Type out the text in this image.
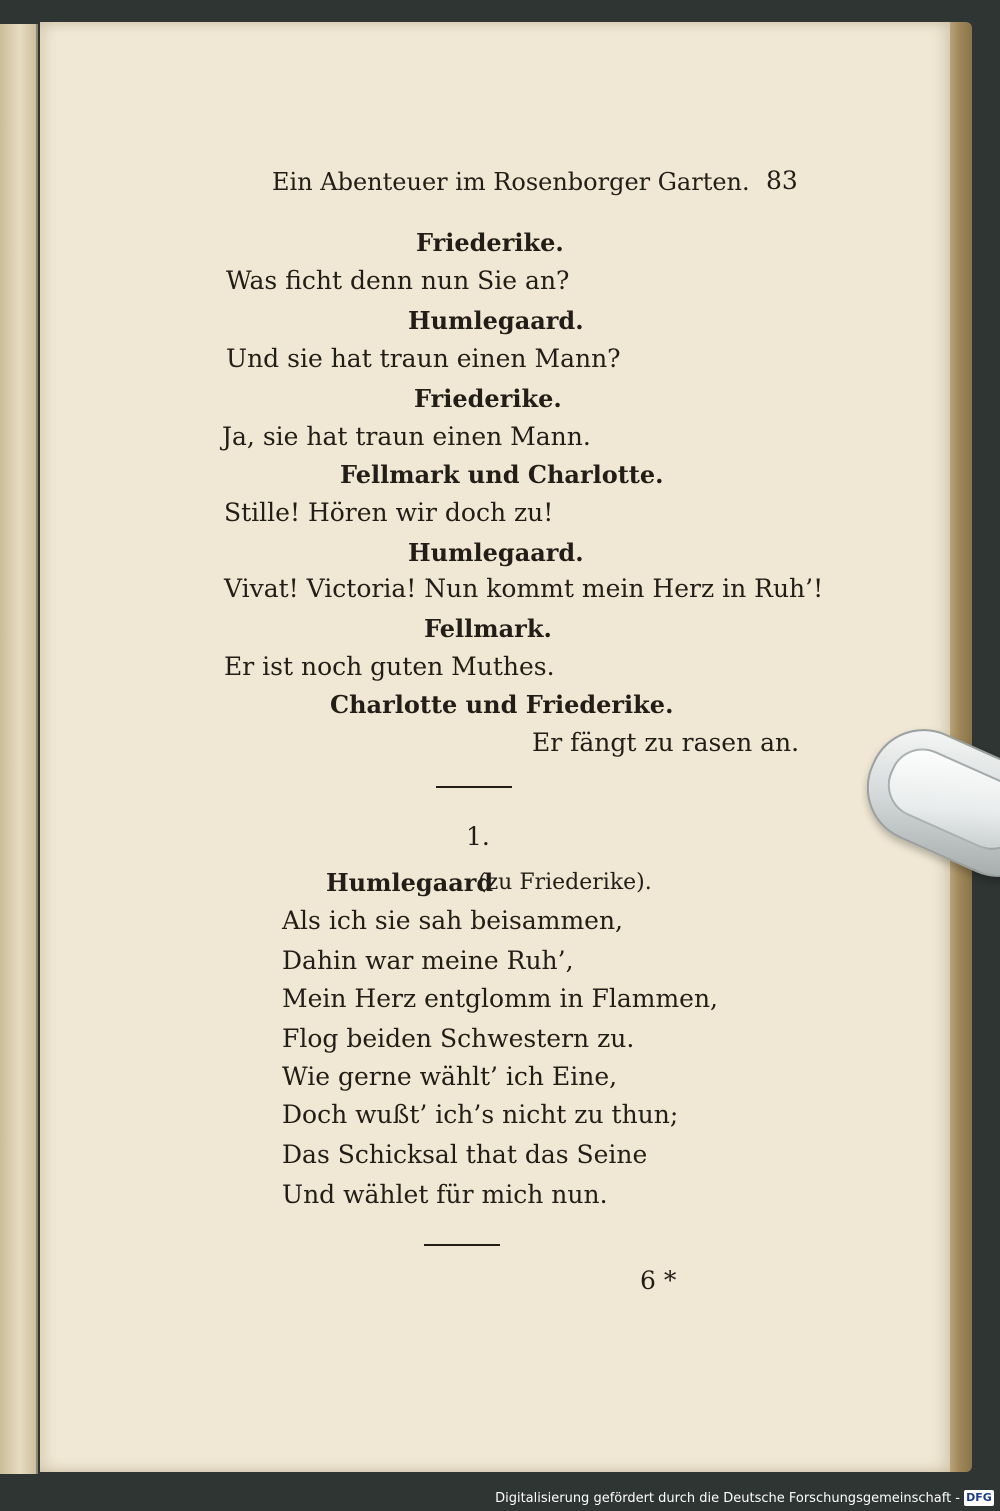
Ein Abenteuer im Rosenborger Garten. 83
Friederike.
Was ficht denn nun Sie an?
Humlegaard.
Und sie hat traun einen Mann?
Friederike.
Ja, sie hat traun einen Mann.
Fellmark und Charlotte.
Stille! Hören wir doch zu!
Humlegaard.
Vivat! Victoria! Nun kommt mein Herz in Ruh’!
Fellmark.
Er ist noch guten Muthes.
Charlotte und Friederike.
Er fängt zu rasen an.
1.
Humlegaard
(zu Friederike).
Als ich sie sah beisammen,
Dahin war meine Ruh’,
Mein Herz entglomm in Flammen,
Flog beiden Schwestern zu.
Wie gerne wählt’ ich Eine,
Doch wußt’ ich’s nicht zu thun;
Das Schicksal that das Seine
Und wählet für mich nun.
6 *
Digitalisierung gefördert durch die Deutsche Forschungsgemeinschaft - DFG
